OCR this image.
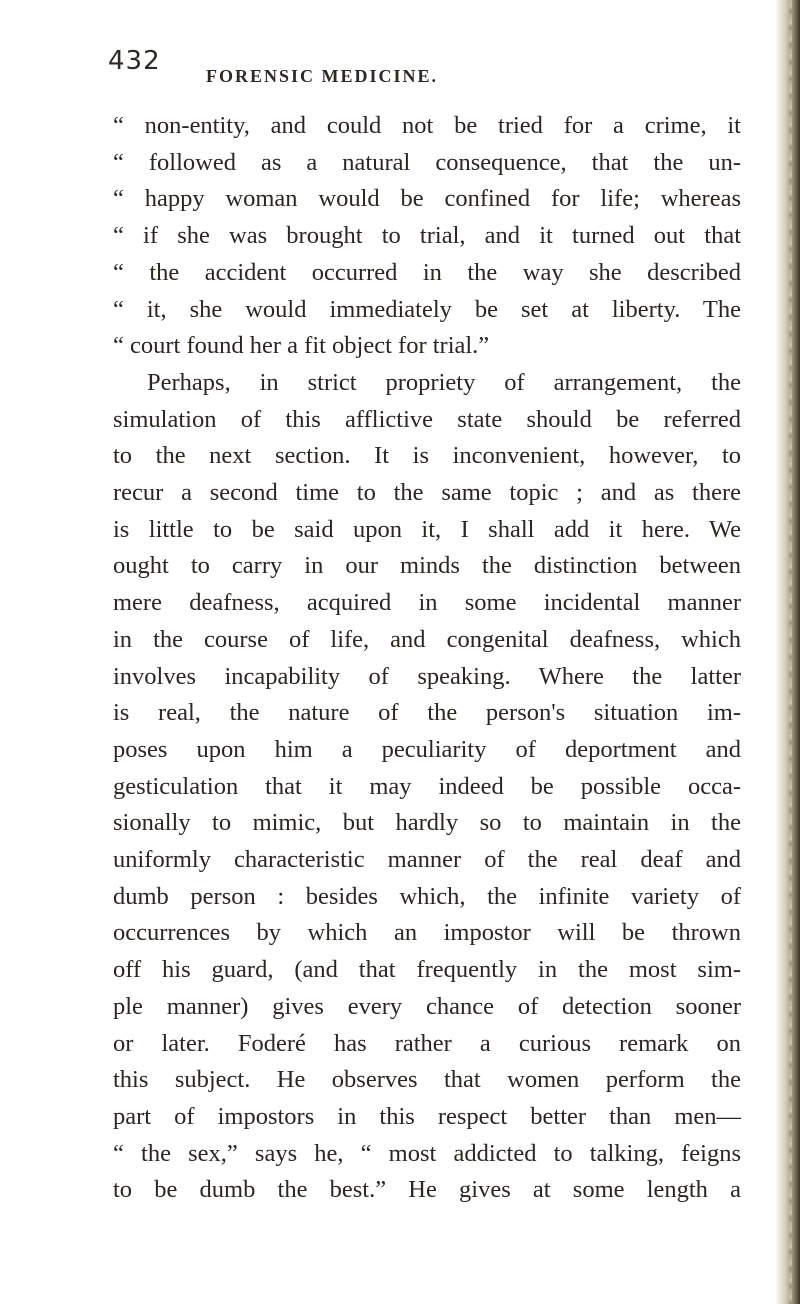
432	FORENSIC MEDICINE.
“ non-entity, and could not be tried for a crime, it
“ followed as a natural consequence, that the un-
“ happy woman would be confined for life; whereas
“ if she was brought to trial, and it turned out that
“ the accident occurred in the way she described
“ it, she would immediately be set at liberty. The
“ court found her a fit object for trial.”
Perhaps, in strict propriety of arrangement, the
simulation of this afflictive state should be referred
to the next section. It is inconvenient, however, to
recur a second time to the same topic ; and as there
is little to be said upon it, I shall add it here. We
ought to carry in our minds the distinction between
mere deafness, acquired in some incidental manner
in the course of life, and congenital deafness, which
involves incapability of speaking. Where the latter
is real, the nature of the person's situation im-
poses upon him a peculiarity of deportment and
gesticulation that it may indeed be possible occa-
sionally to mimic, but hardly so to maintain in the
uniformly characteristic manner of the real deaf and
dumb person : besides which, the infinite variety of
occurrences by which an impostor will be thrown
off his guard, (and that frequently in the most sim-
ple manner) gives every chance of detection sooner
or later. Foderé has rather a curious remark on
this subject. He observes that women perform the
part of impostors in this respect better than men—
“ the sex,” says he, “ most addicted to talking, feigns
to be dumb the best.” He gives at some length a
